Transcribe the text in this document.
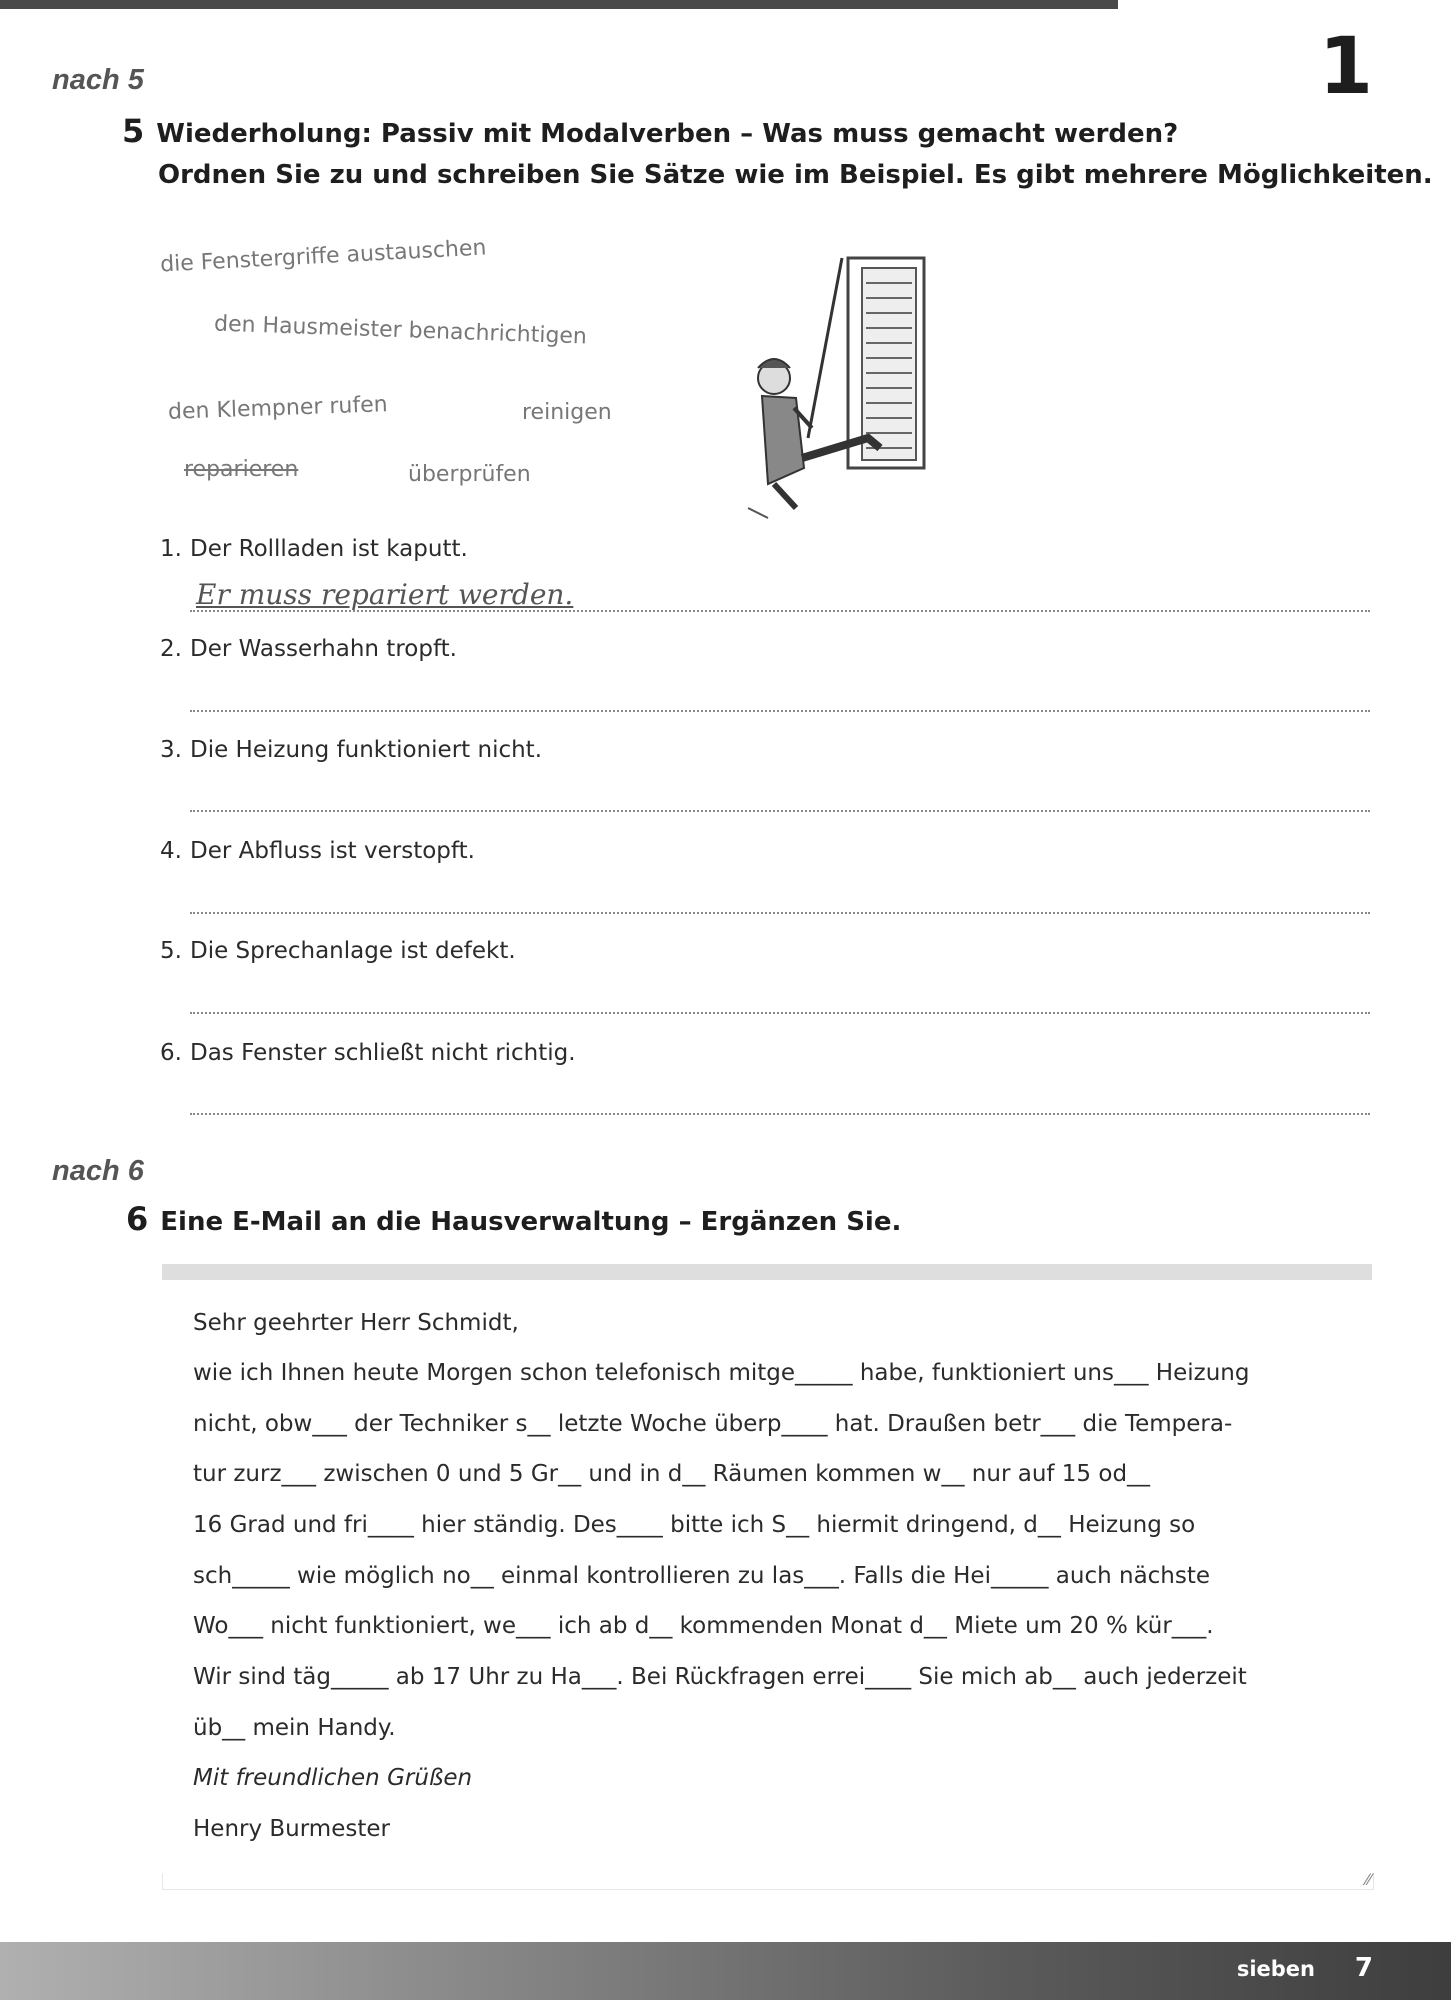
1
nach 5
5 Wiederholung: Passiv mit Modalverben – Was muss gemacht werden?
Ordnen Sie zu und schreiben Sie Sätze wie im Beispiel. Es gibt mehrere Möglichkeiten.
die Fenstergriffe austauschen
den Hausmeister benachrichtigen
den Klempner rufen	reinigen
reparieren	überprüfen
1. Der Rollladen ist kaputt.
Er muss repariert werden.
2. Der Wasserhahn tropft.
3. Die Heizung funktioniert nicht.
4. Der Abfluss ist verstopft.
5. Die Sprechanlage ist defekt.
6. Das Fenster schließt nicht richtig.
nach 6
6 Eine E-Mail an die Hausverwaltung – Ergänzen Sie.
Sehr geehrter Herr Schmidt,
wie ich Ihnen heute Morgen schon telefonisch mitge_____ habe, funktioniert uns___ Heizung
nicht, obw___ der Techniker s__ letzte Woche überp____ hat. Draußen betr___ die Tempera-
tur zurz___ zwischen 0 und 5 Gr__ und in d__ Räumen kommen w__ nur auf 15 od__
16 Grad und fri____ hier ständig. Des____ bitte ich S__ hiermit dringend, d__ Heizung so
sch_____ wie möglich no__ einmal kontrollieren zu las___. Falls die Hei_____ auch nächste
Wo___ nicht funktioniert, we___ ich ab d__ kommenden Monat d__ Miete um 20 % kür___.
Wir sind täg_____ ab 17 Uhr zu Ha___. Bei Rückfragen errei____ Sie mich ab__ auch jederzeit
üb__ mein Handy.
Mit freundlichen Grüßen
Henry Burmester
⁄⁄
sieben 7
